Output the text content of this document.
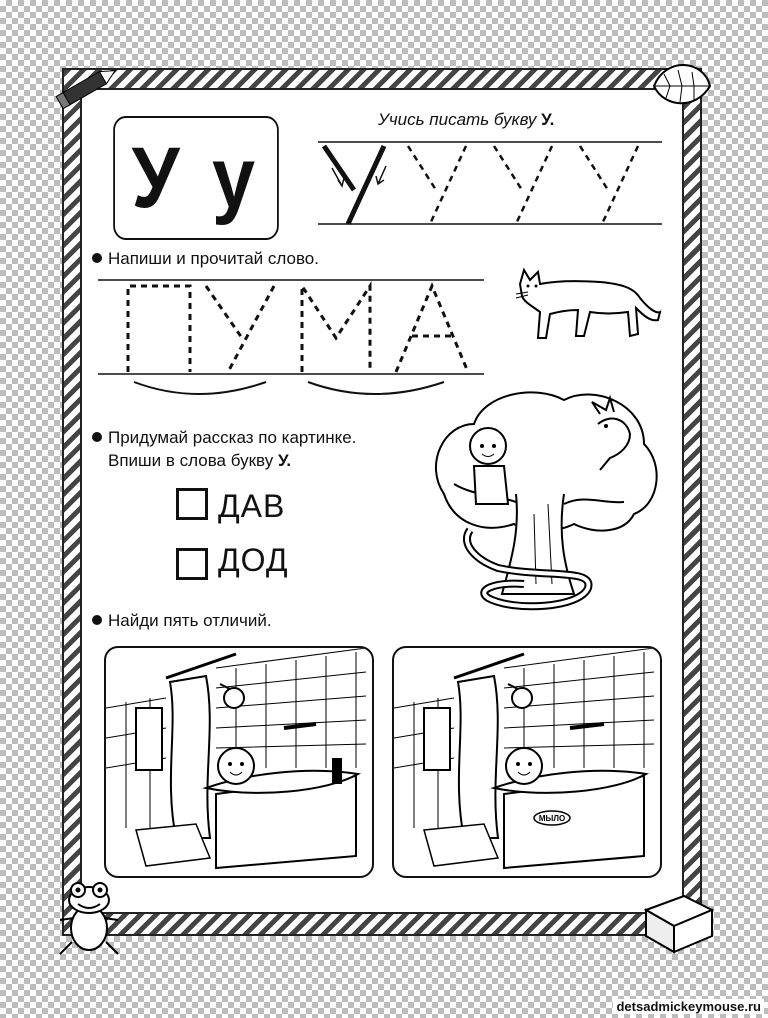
У у
Учись писать букву У.
Напиши и прочитай слово.
Придумай рассказ по картинке.
Впиши в слова букву У.
ДАВ
ДОД
Найди пять отличий.
МЫЛО
detsadmickeymouse.ru
